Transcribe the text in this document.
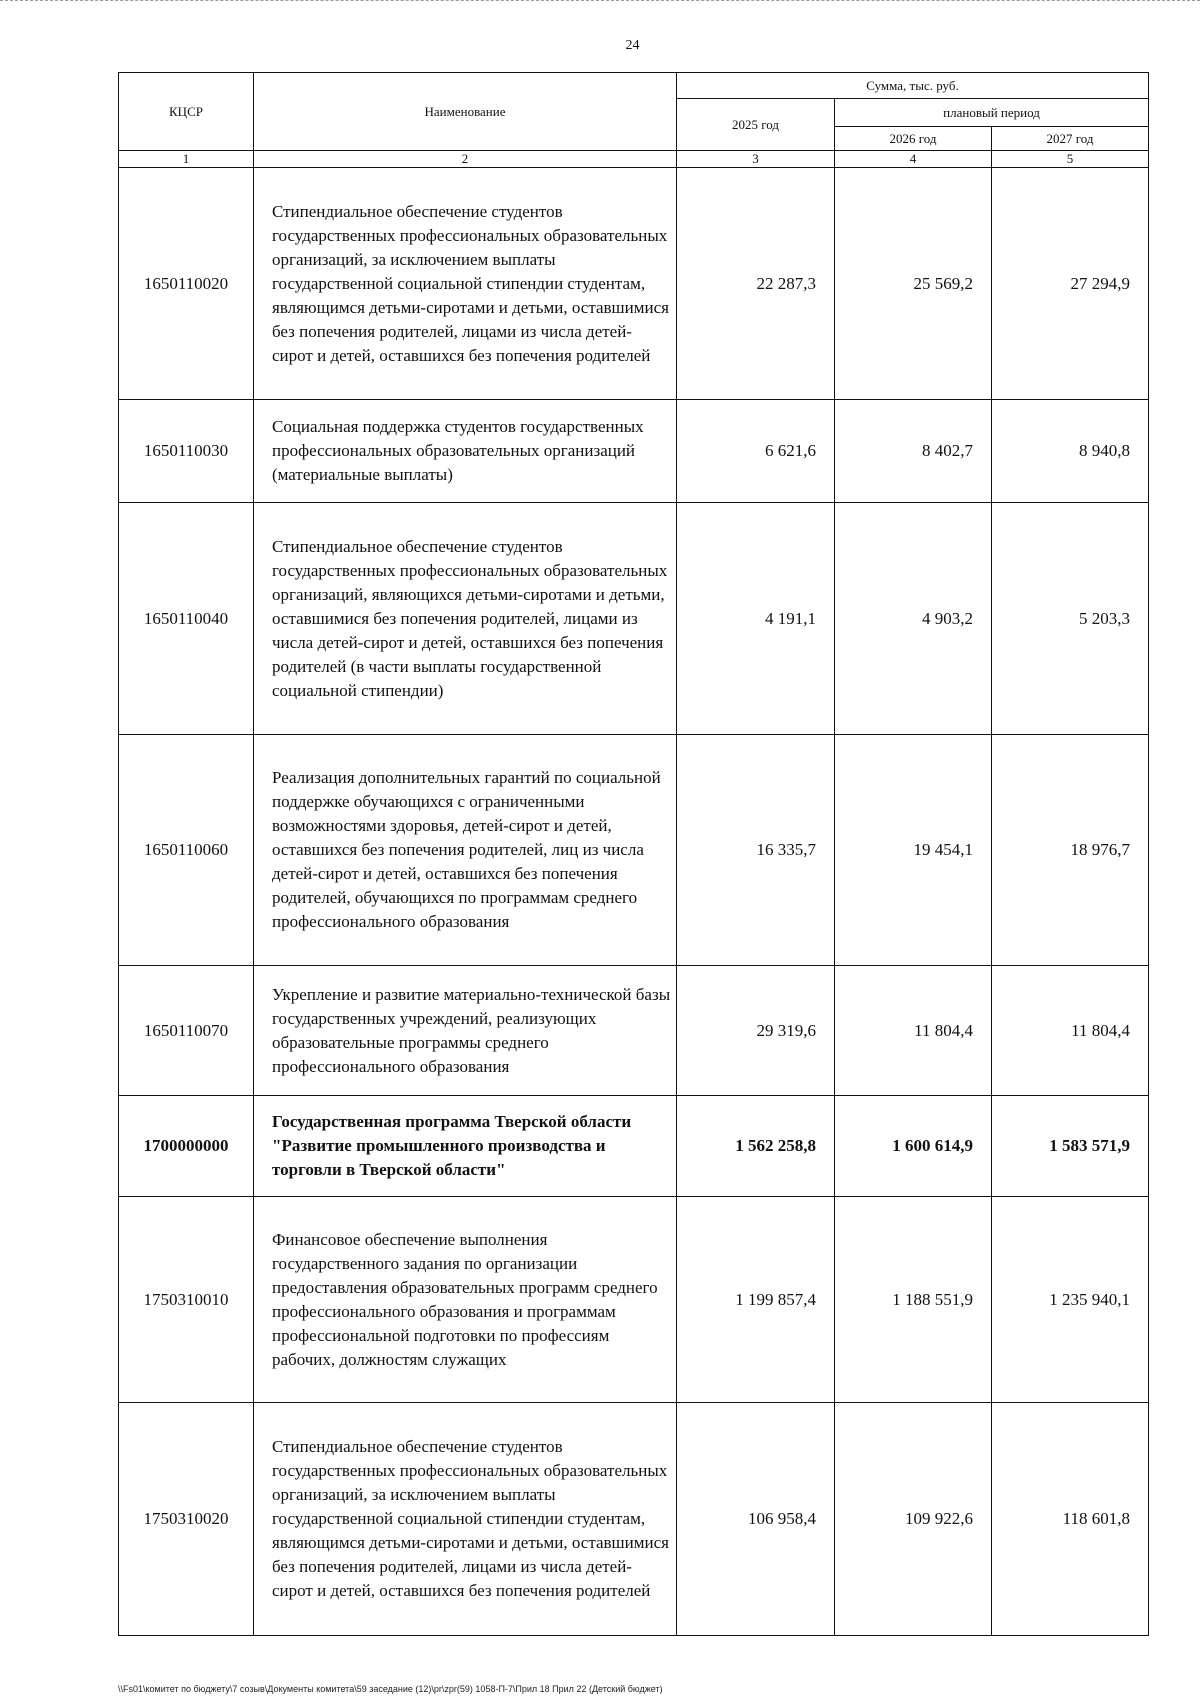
24
КЦСР	Наименование	Сумма, тыс. руб.		
		2025 год	плановый период	
			2026 год	2027 год
1	2	3	4	5
1650110020	Стипендиальное обеспечение студентов государственных профессиональных образовательных организаций, за исключением выплаты государственной социальной стипендии студентам, являющимся детьми-сиротами и детьми, оставшимися без попечения родителей, лицами из числа детей-сирот и детей, оставшихся без попечения родителей	22 287,3	25 569,2	27 294,9
1650110030	Социальная поддержка студентов государственных профессиональных образовательных организаций (материальные выплаты)	6 621,6	8 402,7	8 940,8
1650110040	Стипендиальное обеспечение студентов государственных профессиональных образовательных организаций, являющихся детьми-сиротами и детьми, оставшимися без попечения родителей, лицами из числа детей-сирот и детей, оставшихся без попечения родителей (в части выплаты государственной социальной стипендии)	4 191,1	4 903,2	5 203,3
1650110060	Реализация дополнительных гарантий по социальной поддержке обучающихся с ограниченными возможностями здоровья, детей-сирот и детей, оставшихся без попечения родителей, лиц из числа детей-сирот и детей, оставшихся без попечения родителей, обучающихся по программам среднего профессионального образования	16 335,7	19 454,1	18 976,7
1650110070	Укрепление и развитие материально-технической базы государственных учреждений, реализующих образовательные программы среднего профессионального образования	29 319,6	11 804,4	11 804,4
1700000000	Государственная программа Тверской области "Развитие промышленного производства и торговли в Тверской области"	1 562 258,8	1 600 614,9	1 583 571,9
1750310010	Финансовое обеспечение выполнения государственного задания по организации предоставления образовательных программ среднего профессионального образования и программам профессиональной подготовки по профессиям рабочих, должностям служащих	1 199 857,4	1 188 551,9	1 235 940,1
1750310020	Стипендиальное обеспечение студентов государственных профессиональных образовательных организаций, за исключением выплаты государственной социальной стипендии студентам, являющимся детьми-сиротами и детьми, оставшимися без попечения родителей, лицами из числа детей-сирот и детей, оставшихся без попечения родителей	106 958,4	109 922,6	118 601,8
\\Fs01\комитет по бюджету\7 созыв\Документы комитета\59 заседание (12)\pr\zpr(59) 1058-П-7\Прил 18 Прил 22 (Детский бюджет)
